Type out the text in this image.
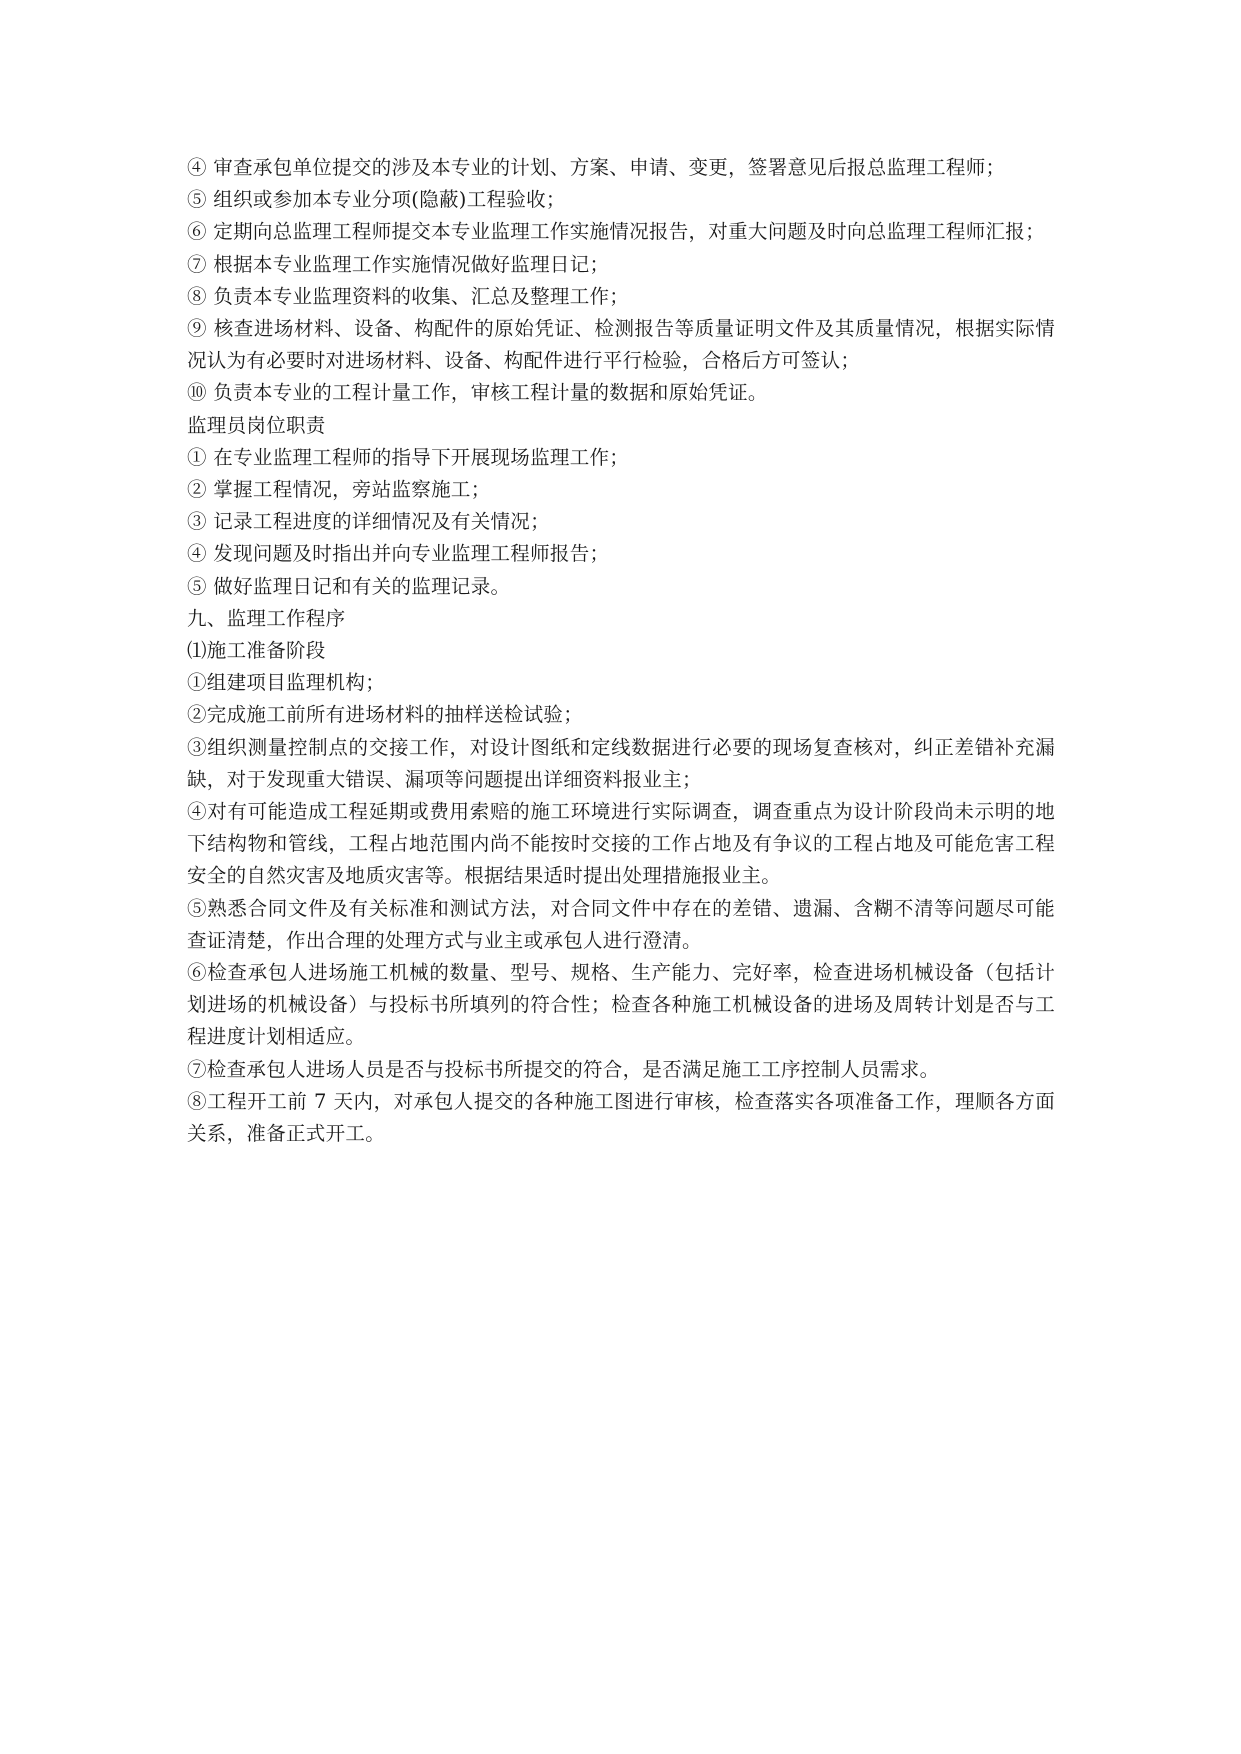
④ 审查承包单位提交的涉及本专业的计划、方案、申请、变更，签署意见后报总监理工程师；

⑤ 组织或参加本专业分项(隐蔽)工程验收；

⑥ 定期向总监理工程师提交本专业监理工作实施情况报告，对重大问题及时向总监理工程师汇报；

⑦ 根据本专业监理工作实施情况做好监理日记；

⑧ 负责本专业监理资料的收集、汇总及整理工作；

⑨ 核查进场材料、设备、构配件的原始凭证、检测报告等质量证明文件及其质量情况，根据实际情况认为有必要时对进场材料、设备、构配件进行平行检验，合格后方可签认；

⑩ 负责本专业的工程计量工作，审核工程计量的数据和原始凭证。

监理员岗位职责

① 在专业监理工程师的指导下开展现场监理工作；

② 掌握工程情况，旁站监察施工；

③ 记录工程进度的详细情况及有关情况；

④ 发现问题及时指出并向专业监理工程师报告；

⑤ 做好监理日记和有关的监理记录。

九、监理工作程序

⑴施工准备阶段

①组建项目监理机构；

②完成施工前所有进场材料的抽样送检试验；

③组织测量控制点的交接工作，对设计图纸和定线数据进行必要的现场复查核对，纠正差错补充漏缺，对于发现重大错误、漏项等问题提出详细资料报业主；

④对有可能造成工程延期或费用索赔的施工环境进行实际调查，调查重点为设计阶段尚未示明的地下结构物和管线，工程占地范围内尚不能按时交接的工作占地及有争议的工程占地及可能危害工程安全的自然灾害及地质灾害等。根据结果适时提出处理措施报业主。

⑤熟悉合同文件及有关标准和测试方法，对合同文件中存在的差错、遗漏、含糊不清等问题尽可能查证清楚，作出合理的处理方式与业主或承包人进行澄清。

⑥检查承包人进场施工机械的数量、型号、规格、生产能力、完好率，检查进场机械设备（包括计划进场的机械设备）与投标书所填列的符合性；检查各种施工机械设备的进场及周转计划是否与工程进度计划相适应。

⑦检查承包人进场人员是否与投标书所提交的符合，是否满足施工工序控制人员需求。

⑧工程开工前 7 天内，对承包人提交的各种施工图进行审核，检查落实各项准备工作，理顺各方面关系，准备正式开工。
